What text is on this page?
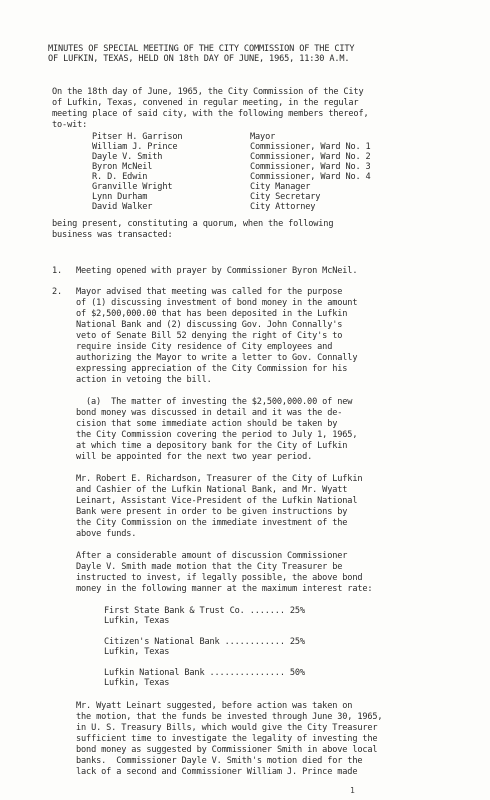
MINUTES OF SPECIAL MEETING OF THE CITY COMMISSION OF THE CITY

OF LUFKIN, TEXAS, HELD ON 18th DAY OF JUNE, 1965, 11:30 A.M.

On the 18th day of June, 1965, the City Commission of the City

of Lufkin, Texas, convened in regular meeting, in the regular

meeting place of said city, with the following members thereof,

to-wit:

Pitser H. Garrison	Mayor

William J. Prince	Commissioner, Ward No. 1

Dayle V. Smith	Commissioner, Ward No. 2

Byron McNeil	Commissioner, Ward No. 3

R. D. Edwin	Commissioner, Ward No. 4

Granville Wright	City Manager

Lynn Durham	City Secretary

David Walker	City Attorney

being present, constituting a quorum, when the following

business was transacted:

1. Meeting opened with prayer by Commissioner Byron McNeil.

2. Mayor advised that meeting was called for the purpose

of (1) discussing investment of bond money in the amount

of $2,500,000.00 that has been deposited in the Lufkin

National Bank and (2) discussing Gov. John Connally's

veto of Senate Bill 52 denying the right of City's to

require inside City residence of City employees and

authorizing the Mayor to write a letter to Gov. Connally

expressing appreciation of the City Commission for his

action in vetoing the bill.

(a)  The matter of investing the $2,500,000.00 of new

bond money was discussed in detail and it was the de-

cision that some immediate action should be taken by

the City Commission covering the period to July 1, 1965,

at which time a depository bank for the City of Lufkin

will be appointed for the next two year period.

Mr. Robert E. Richardson, Treasurer of the City of Lufkin

and Cashier of the Lufkin National Bank, and Mr. Wyatt

Leinart, Assistant Vice-President of the Lufkin National

Bank were present in order to be given instructions by

the City Commission on the immediate investment of the

above funds.

After a considerable amount of discussion Commissioner

Dayle V. Smith made motion that the City Treasurer be

instructed to invest, if legally possible, the above bond

money in the following manner at the maximum interest rate:

First State Bank & Trust Co. ....... 25%

Lufkin, Texas

Citizen's National Bank ............ 25%

Lufkin, Texas

Lufkin National Bank ............... 50%

Lufkin, Texas

Mr. Wyatt Leinart suggested, before action was taken on

the motion, that the funds be invested through June 30, 1965,

in U. S. Treasury Bills, which would give the City Treasurer

sufficient time to investigate the legality of investing the

bond money as suggested by Commissioner Smith in above local

banks.  Commissioner Dayle V. Smith's motion died for the

lack of a second and Commissioner William J. Prince made

1
